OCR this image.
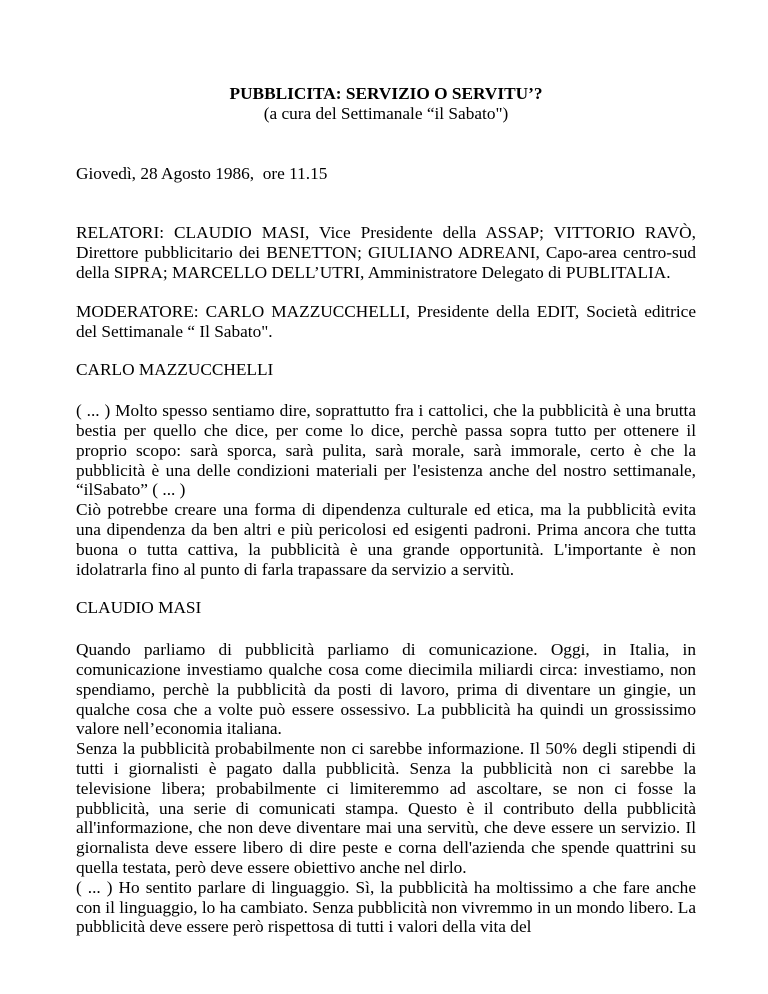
PUBBLICITA: SERVIZIO O SERVITU’?

(a cura del Settimanale “il Sabato")

Giovedì, 28 Agosto 1986,  ore 11.15

RELATORI: CLAUDIO MASI, Vice Presidente della ASSAP; VITTORIO RAVÒ, Direttore pubblicitario dei BENETTON; GIULIANO ADREANI, Capo-area centro-sud della SIPRA; MARCELLO DELL’UTRI, Amministratore Delegato di PUBLITALIA.

MODERATORE: CARLO MAZZUCCHELLI, Presidente della EDIT, Società editrice del Settimanale “ Il Sabato".

CARLO MAZZUCCHELLI

( ... ) Molto spesso sentiamo dire, soprattutto fra i cattolici, che la pubblicità è una brutta bestia per quello che dice, per come lo dice, perchè passa sopra tutto per ottenere il proprio scopo: sarà sporca, sarà pulita, sarà morale, sarà immorale, certo è che la pubblicità è una delle condizioni materiali per l'esistenza anche del nostro settimanale, “ilSabato” ( ... )

Ciò potrebbe creare una forma di dipendenza culturale ed etica, ma la pubblicità evita una dipendenza da ben altri e più pericolosi ed esigenti padroni. Prima ancora che tutta buona o tutta cattiva, la pubblicità è una grande opportunità. L'importante è non idolatrarla fino al punto di farla trapassare da servizio a servitù.

CLAUDIO MASI

Quando parliamo di pubblicità parliamo di comunicazione. Oggi, in Italia, in comunicazione investiamo qualche cosa come diecimila miliardi circa: investiamo, non spendiamo, perchè la pubblicità da posti di lavoro, prima di diventare un gingie, un qualche cosa che a volte può essere ossessivo. La pubblicità ha quindi un grossissimo valore nell’economia italiana.

Senza la pubblicità probabilmente non ci sarebbe informazione. Il 50% degli stipendi di tutti i giornalisti è pagato dalla pubblicità. Senza la pubblicità non ci sarebbe la televisione libera; probabilmente ci limiteremmo ad ascoltare, se non ci fosse la pubblicità, una serie di comunicati stampa. Questo è il contributo della pubblicità all'informazione, che non deve diventare mai una servitù, che deve essere un servizio. Il giornalista deve essere libero di dire peste e corna dell'azienda che spende quattrini su quella testata, però deve essere obiettivo anche nel dirlo.

( ... ) Ho sentito parlare di linguaggio. Sì, la pubblicità ha moltissimo a che fare anche con il linguaggio, lo ha cambiato. Senza pubblicità non vivremmo in un mondo libero. La pubblicità deve essere però rispettosa di tutti i valori della vita del
